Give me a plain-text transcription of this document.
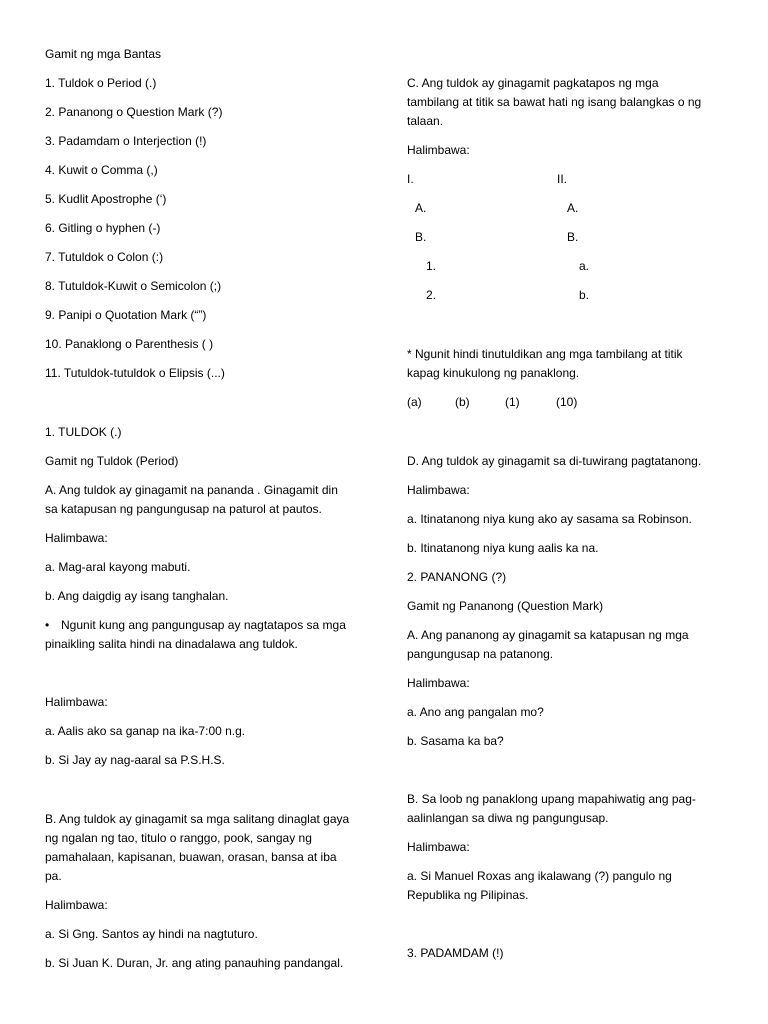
Gamit ng mga Bantas

1. Tuldok o Period (.)

2. Pananong o Question Mark (?)

3. Padamdam o Interjection (!)

4. Kuwit o Comma (,)

5. Kudlit Apostrophe (‘)

6. Gitling o hyphen (-)

7. Tutuldok o Colon (:)

8. Tutuldok-Kuwit o Semicolon (;)

9. Panipi o Quotation Mark (“”)

10. Panaklong o Parenthesis ( )

11. Tutuldok-tutuldok o Elipsis (...)

1. TULDOK (.)

Gamit ng Tuldok (Period)

A. Ang tuldok ay ginagamit na pananda . Ginagamit din

sa katapusan ng pangungusap na paturol at pautos.

Halimbawa:

a. Mag-aral kayong mabuti.

b. Ang daigdig ay isang tanghalan.

• Ngunit kung ang pangungusap ay nagtatapos sa mga

pinaikling salita hindi na dinadalawa ang tuldok.

Halimbawa:

a. Aalis ako sa ganap na ika-7:00 n.g.

b. Si Jay ay nag-aaral sa P.S.H.S.

B. Ang tuldok ay ginagamit sa mga salitang dinaglat gaya

ng ngalan ng tao, titulo o ranggo, pook, sangay ng

pamahalaan, kapisanan, buawan, orasan, bansa at iba

pa.

Halimbawa:

a. Si Gng. Santos ay hindi na nagtuturo.

b. Si Juan K. Duran, Jr. ang ating panauhing pandangal.

C. Ang tuldok ay ginagamit pagkatapos ng mga

tambilang at titik sa bawat hati ng isang balangkas o ng

talaan.

Halimbawa:

I.	II.

A.	A.

B.	B.

1.	a.

2.	b.

* Ngunit hindi tinutuldikan ang mga tambilang at titik

kapag kinukulong ng panaklong.

(a)	(b)	(1)	(10)

D. Ang tuldok ay ginagamit sa di-tuwirang pagtatanong.

Halimbawa:

a. Itinatanong niya kung ako ay sasama sa Robinson.

b. Itinatanong niya kung aalis ka na.

2. PANANONG (?)

Gamit ng Pananong (Question Mark)

A. Ang pananong ay ginagamit sa katapusan ng mga

pangungusap na patanong.

Halimbawa:

a. Ano ang pangalan mo?

b. Sasama ka ba?

B. Sa loob ng panaklong upang mapahiwatig ang pag-

aalinlangan sa diwa ng pangungusap.

Halimbawa:

a. Si Manuel Roxas ang ikalawang (?) pangulo ng

Republika ng Pilipinas.

3. PADAMDAM (!)
